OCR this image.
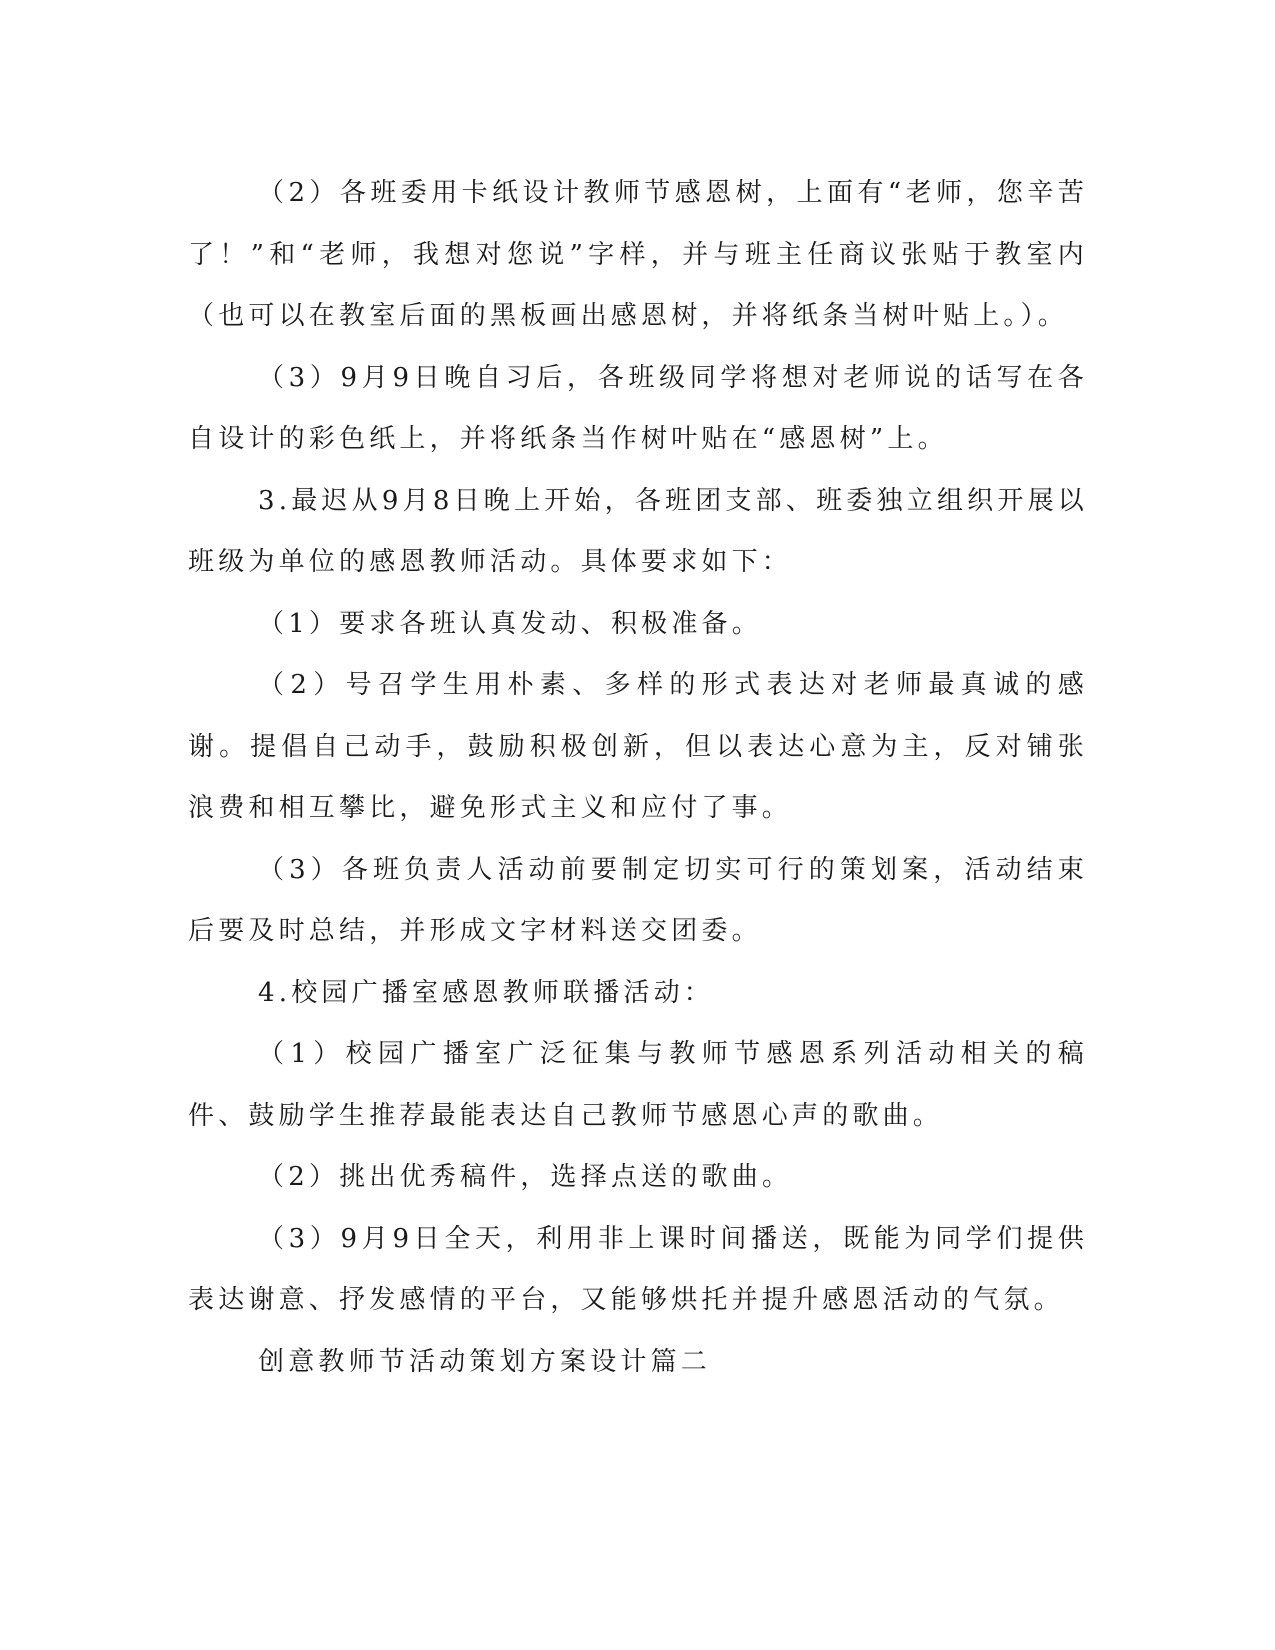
（2）各班委用卡纸设计教师节感恩树，上面有“老师，您辛苦了！”和“老师，我想对您说”字样，并与班主任商议张贴于教室内（也可以在教室后面的黑板画出感恩树，并将纸条当树叶贴上。）。

（3）9月9日晚自习后，各班级同学将想对老师说的话写在各自设计的彩色纸上，并将纸条当作树叶贴在“感恩树”上。

3.最迟从9月8日晚上开始，各班团支部、班委独立组织开展以班级为单位的感恩教师活动。具体要求如下：

（1）要求各班认真发动、积极准备。

（2）号召学生用朴素、多样的形式表达对老师最真诚的感谢。提倡自己动手，鼓励积极创新，但以表达心意为主，反对铺张浪费和相互攀比，避免形式主义和应付了事。

（3）各班负责人活动前要制定切实可行的策划案，活动结束后要及时总结，并形成文字材料送交团委。

4.校园广播室感恩教师联播活动：

（1）校园广播室广泛征集与教师节感恩系列活动相关的稿件、鼓励学生推荐最能表达自己教师节感恩心声的歌曲。

（2）挑出优秀稿件，选择点送的歌曲。

（3）9月9日全天，利用非上课时间播送，既能为同学们提供表达谢意、抒发感情的平台，又能够烘托并提升感恩活动的气氛。

创意教师节活动策划方案设计篇二
